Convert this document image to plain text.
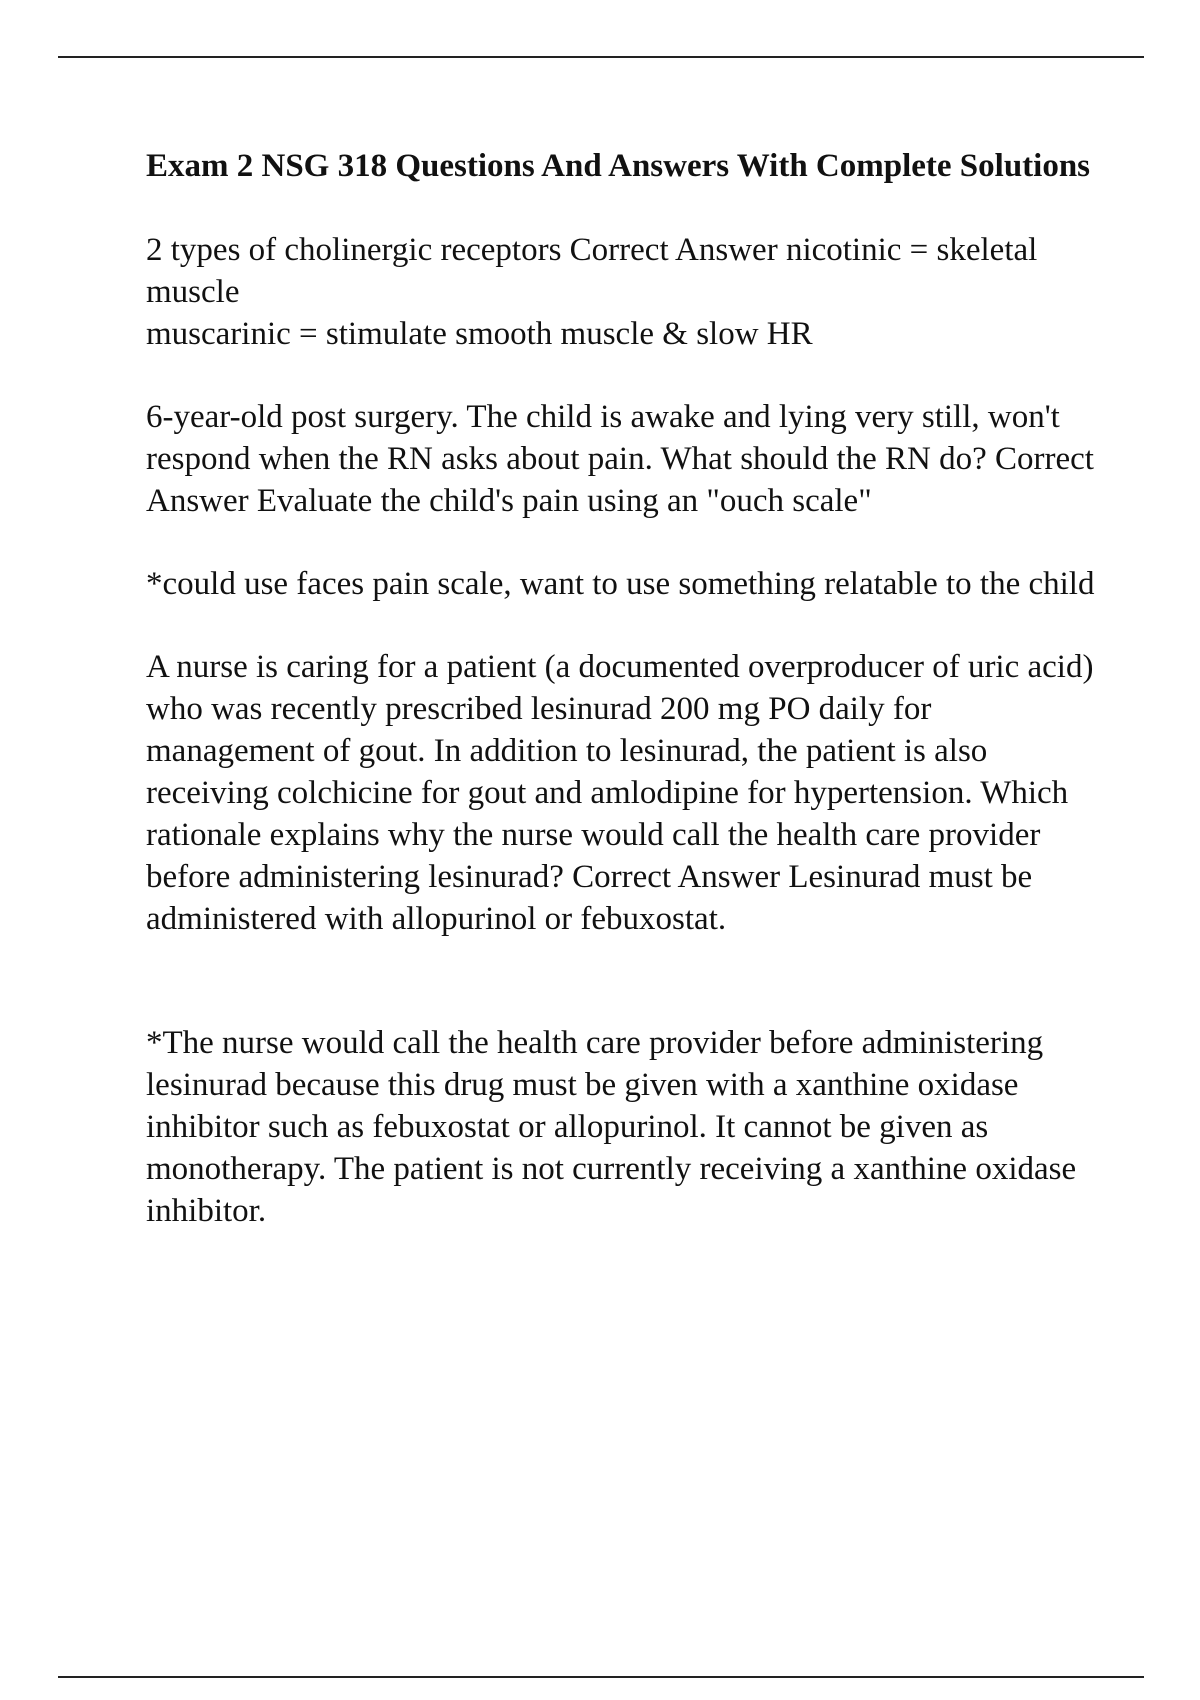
Exam 2 NSG 318 Questions And Answers With Complete Solutions

2 types of cholinergic receptors Correct Answer nicotinic = skeletal muscle
muscarinic = stimulate smooth muscle & slow HR

6-year-old post surgery. The child is awake and lying very still, won't respond when the RN asks about pain. What should the RN do? Correct Answer Evaluate the child's pain using an "ouch scale"

*could use faces pain scale, want to use something relatable to the child

A nurse is caring for a patient (a documented overproducer of uric acid) who was recently prescribed lesinurad 200 mg PO daily for management of gout. In addition to lesinurad, the patient is also receiving colchicine for gout and amlodipine for hypertension. Which rationale explains why the nurse would call the health care provider before administering lesinurad? Correct Answer Lesinurad must be administered with allopurinol or febuxostat.

*The nurse would call the health care provider before administering lesinurad because this drug must be given with a xanthine oxidase inhibitor such as febuxostat or allopurinol. It cannot be given as monotherapy. The patient is not currently receiving a xanthine oxidase inhibitor.
